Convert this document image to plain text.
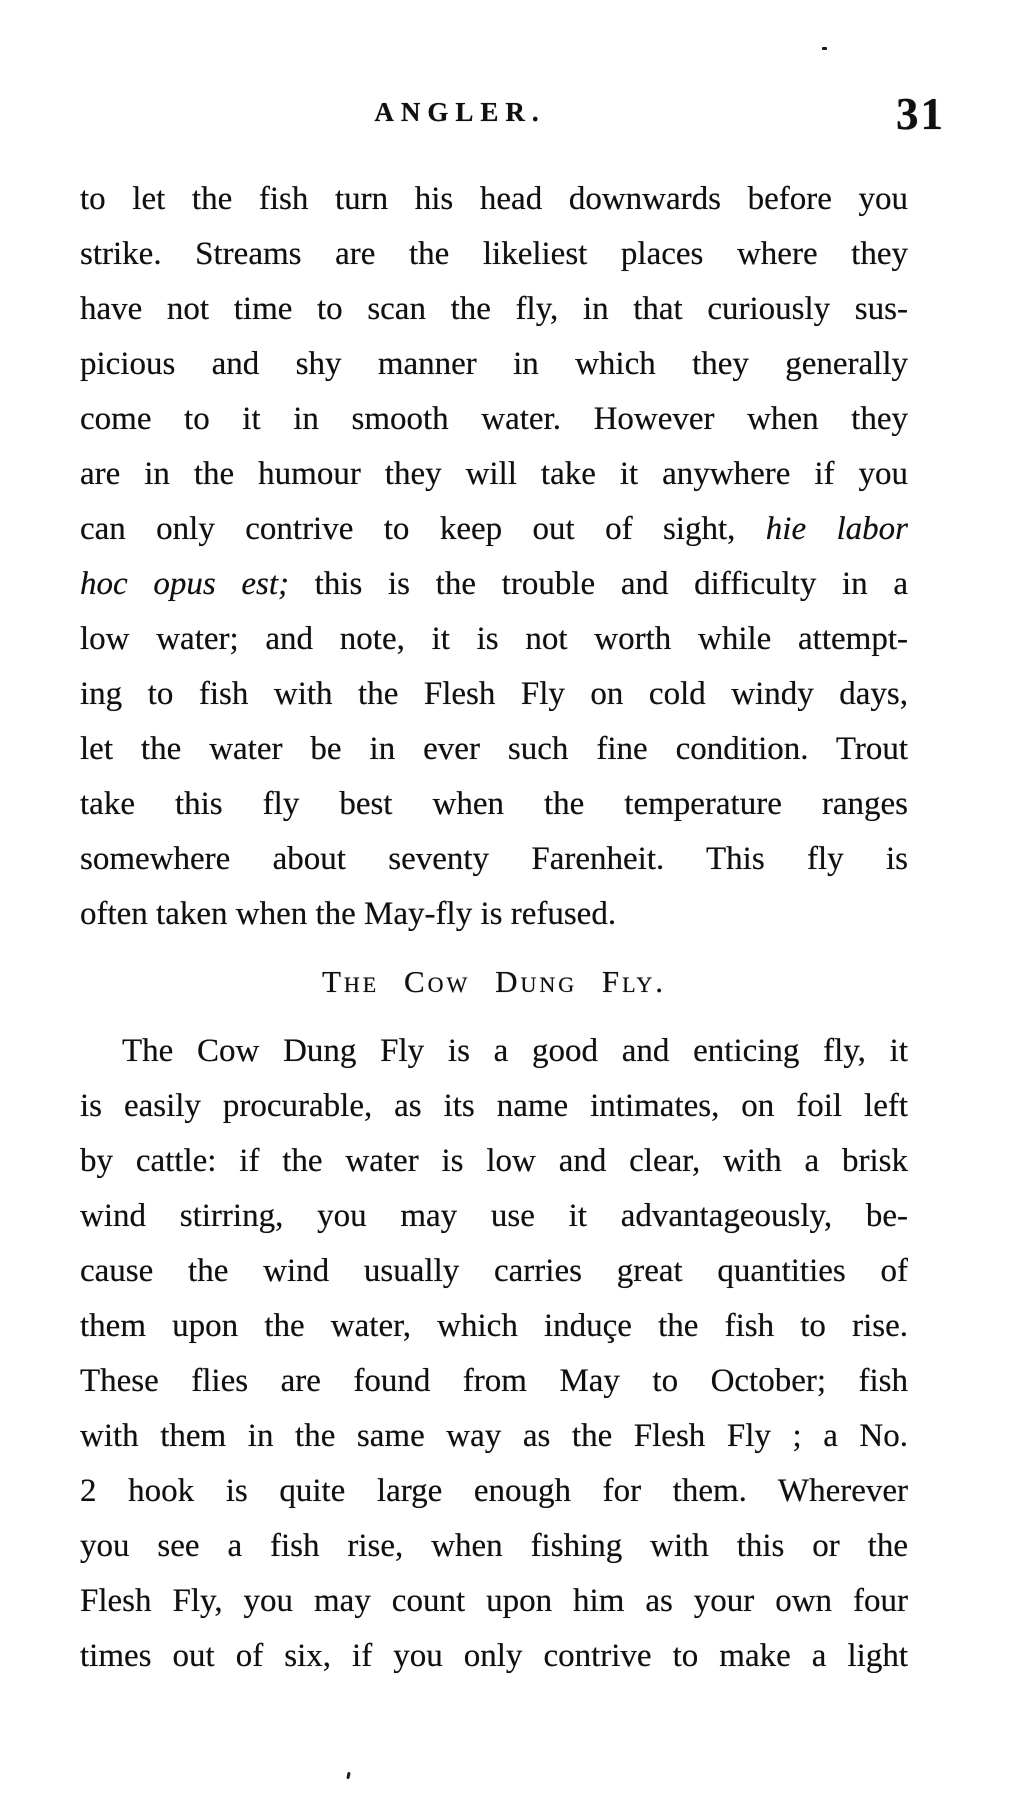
ANGLER.	31
to let the fish turn his head downwards before you
strike. Streams are the likeliest places where they
have not time to scan the fly, in that curiously sus-
picious and shy manner in which they generally
come to it in smooth water. However when they
are in the humour they will take it anywhere if you
can only contrive to keep out of sight, hie labor
hoc opus est; this is the trouble and difficulty in a
low water; and note, it is not worth while attempt-
ing to fish with the Flesh Fly on cold windy days,
let the water be in ever such fine condition. Trout
take this fly best when the temperature ranges
somewhere about seventy Farenheit. This fly is
often taken when the May-fly is refused.
The Cow Dung Fly.
The Cow Dung Fly is a good and enticing fly, it
is easily procurable, as its name intimates, on foil left
by cattle: if the water is low and clear, with a brisk
wind stirring, you may use it advantageously, be-
cause the wind usually carries great quantities of
them upon the water, which induçe the fish to rise.
These flies are found from May to October; fish
with them in the same way as the Flesh Fly ; a No.
2 hook is quite large enough for them. Wherever
you see a fish rise, when fishing with this or the
Flesh Fly, you may count upon him as your own four
times out of six, if you only contrive to make a light
